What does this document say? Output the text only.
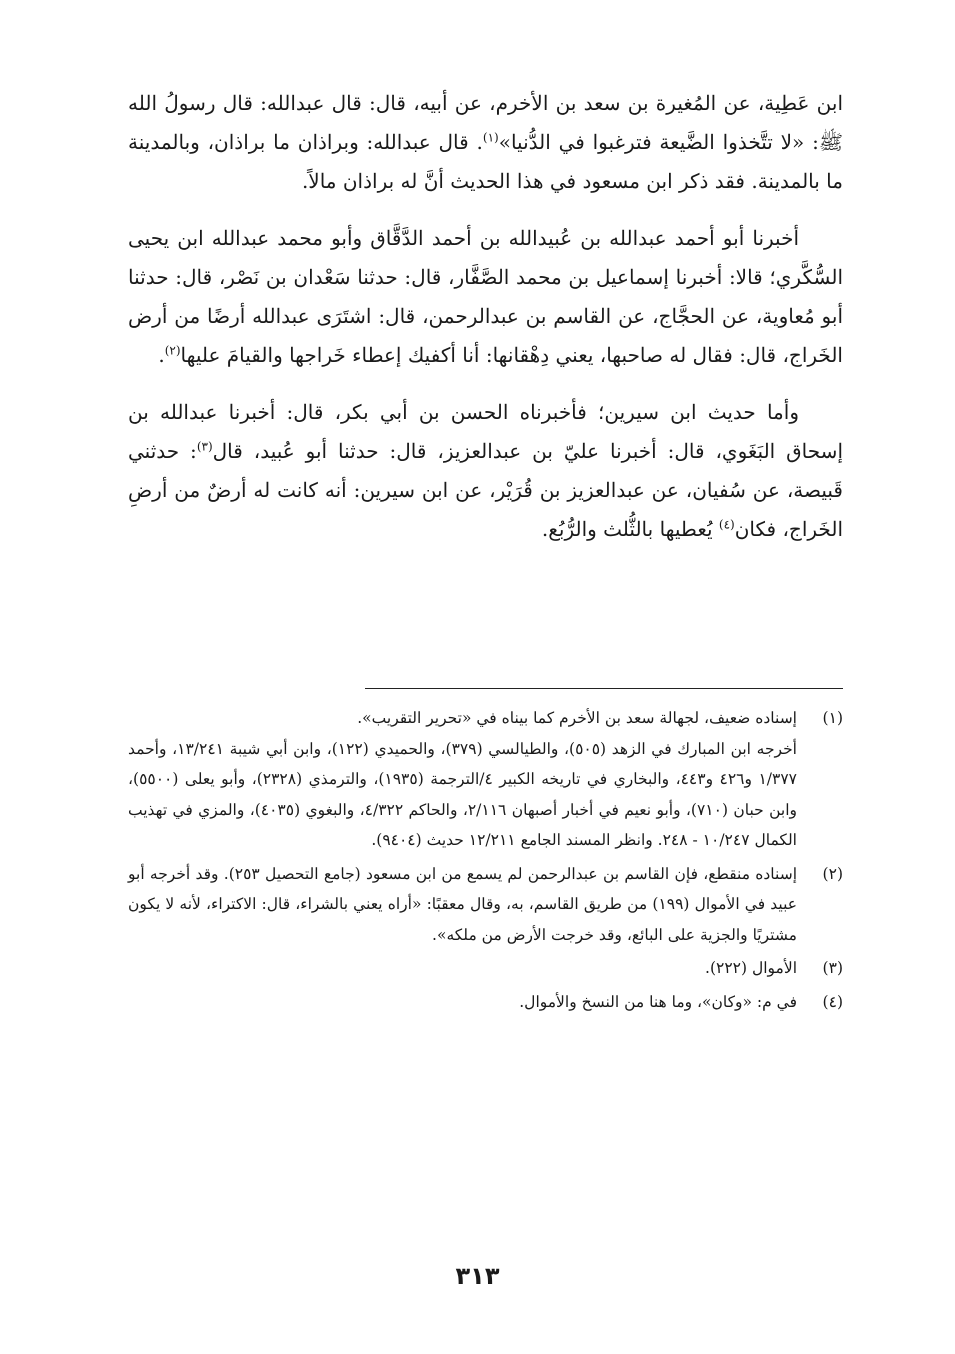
ابن عَطِية، عن المُغيرة بن سعد بن الأخرم، عن أبيه، قال: قال عبدالله: قال رسولُ الله ﷺ: «لا تتَّخذوا الضَّيعة فترغبوا في الدُّنيا»$^{(١)}$. قال عبدالله: وبراذان ما براذان، وبالمدينة ما بالمدينة. فقد ذكر ابن مسعود في هذا الحديث أنَّ له براذان مالاً.

أخبرنا أبو أحمد عبدالله بن عُبيدالله بن أحمد الدَّقَّاق وأبو محمد عبدالله ابن يحيى السُّكَّري؛ قالا: أخبرنا إسماعيل بن محمد الصَّفَّار، قال: حدثنا سَعْدان بن نَصْر، قال: حدثنا أبو مُعاوية، عن الحجَّاج، عن القاسم بن عبدالرحمن، قال: اشتَرَى عبدالله أرضًا من أرض الخَراج، قال: فقال له صاحبها، يعني دِهْقانها: أنا أكفيك إعطاء خَراجها والقيامَ عليها$^{(٢)}$.

وأما حديث ابن سيرين؛ فأخبرناه الحسن بن أبي بكر، قال: أخبرنا عبدالله بن إسحاق البَغَوي، قال: أخبرنا عليّ بن عبدالعزيز، قال: حدثنا أبو عُبيد، قال$^{(٣)}$: حدثني قَبيصة، عن سُفيان، عن عبدالعزيز بن قُرَيْر، عن ابن سيرين: أنه كانت له أرضٌ من أرضِ الخَراج، فكان$^{(٤)}$ يُعطيها بالثُّلث والرُّبُع.

(١)

إسناده ضعيف، لجهالة سعد بن الأخرم كما بيناه في «تحرير التقريب».

أخرجه ابن المبارك في الزهد (٥٠٥)، والطيالسي (٣٧٩)، والحميدي (١٢٢)، وابن أبي شيبة ١٣/٢٤١، وأحمد ١/٣٧٧ و٤٢٦ و٤٤٣، والبخاري في تاريخه الكبير ٤/الترجمة (١٩٣٥)، والترمذي (٢٣٢٨)، وأبو يعلى (٥٥٠٠)، وابن حبان (٧١٠)، وأبو نعيم في أخبار أصبهان ٢/١١٦، والحاكم ٤/٣٢٢، والبغوي (٤٠٣٥)، والمزي في تهذيب الكمال ١٠/٢٤٧ - ٢٤٨. وانظر المسند الجامع ١٢/٢١١ حديث (٩٤٠٤).

(٢)

إسناده منقطع، فإن القاسم بن عبدالرحمن لم يسمع من ابن مسعود (جامع التحصيل ٢٥٣). وقد أخرجه أبو عبيد في الأموال (١٩٩) من طريق القاسم، به، وقال معقبًا: «أراه يعني بالشراء، قال: الاكتراء، لأنه لا يكون مشتريًا والجزية على البائع، وقد خرجت الأرض من ملكه».

(٣)

الأموال (٢٢٢).

(٤)

في م: «وكان»، وما هنا من النسخ والأموال.

٣١٣
